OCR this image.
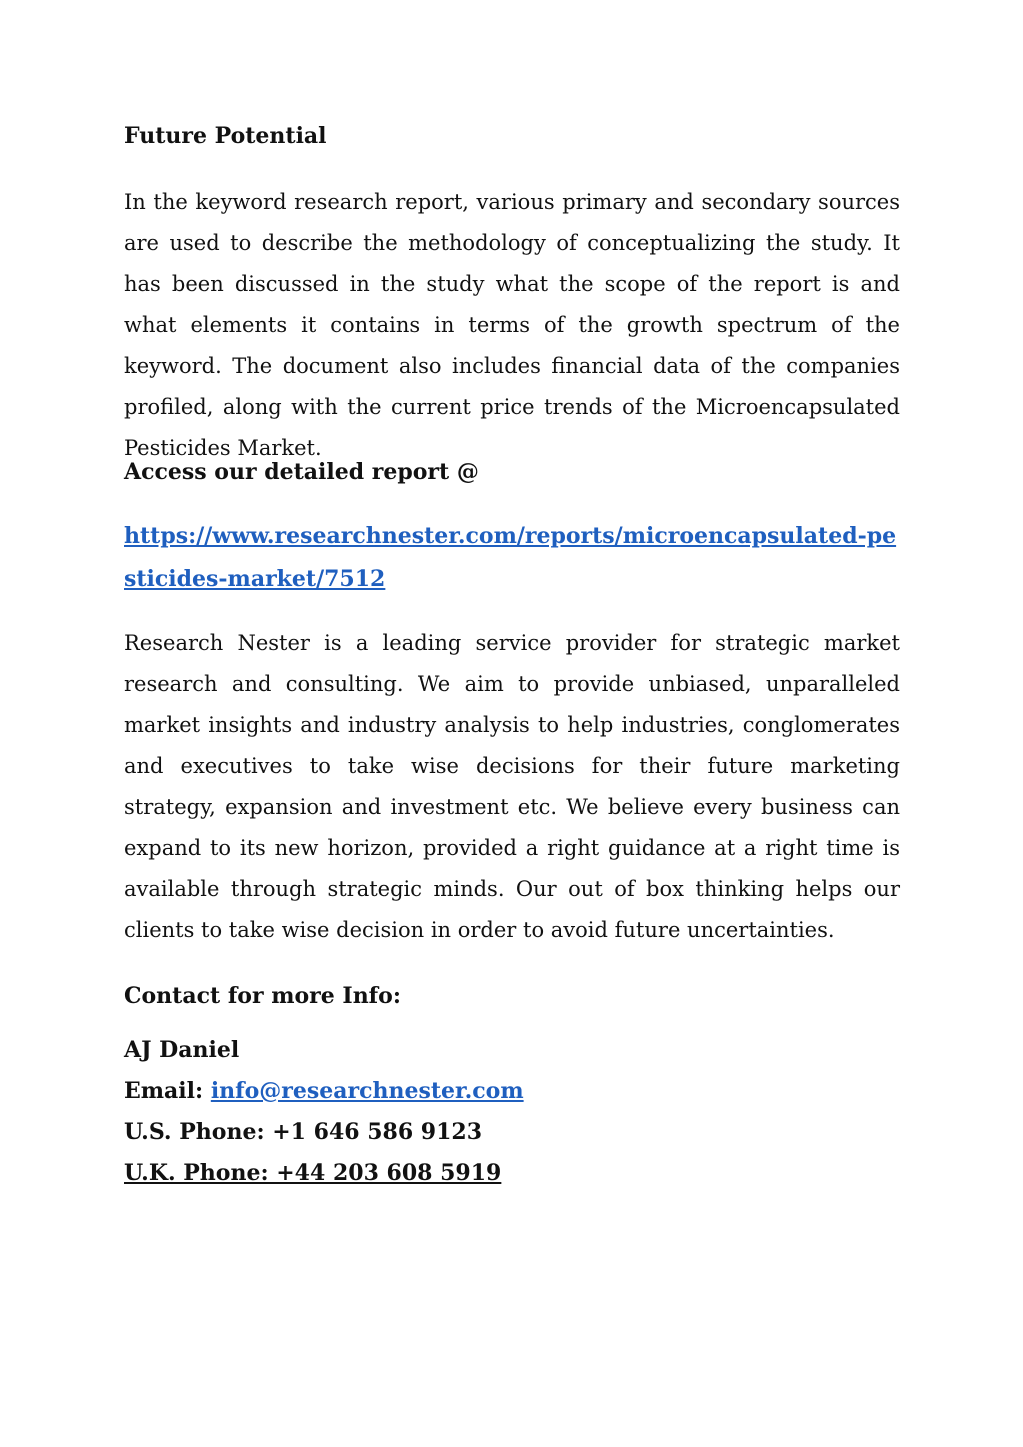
Future Potential

In the keyword research report, various primary and secondary sources are used to describe the methodology of conceptualizing the study. It has been discussed in the study what the scope of the report is and what elements it contains in terms of the growth spectrum of the keyword. The document also includes financial data of the companies profiled, along with the current price trends of the Microencapsulated Pesticides Market.

Access our detailed report @

https://www.researchnester.com/reports/microencapsulated-pesticides-market/7512

Research Nester is a leading service provider for strategic market research and consulting. We aim to provide unbiased, unparalleled market insights and industry analysis to help industries, conglomerates and executives to take wise decisions for their future marketing strategy, expansion and investment etc. We believe every business can expand to its new horizon, provided a right guidance at a right time is available through strategic minds. Our out of box thinking helps our clients to take wise decision in order to avoid future uncertainties.

Contact for more Info:

AJ Daniel

Email: info@researchnester.com

U.S. Phone: +1 646 586 9123

U.K. Phone: +44 203 608 5919
